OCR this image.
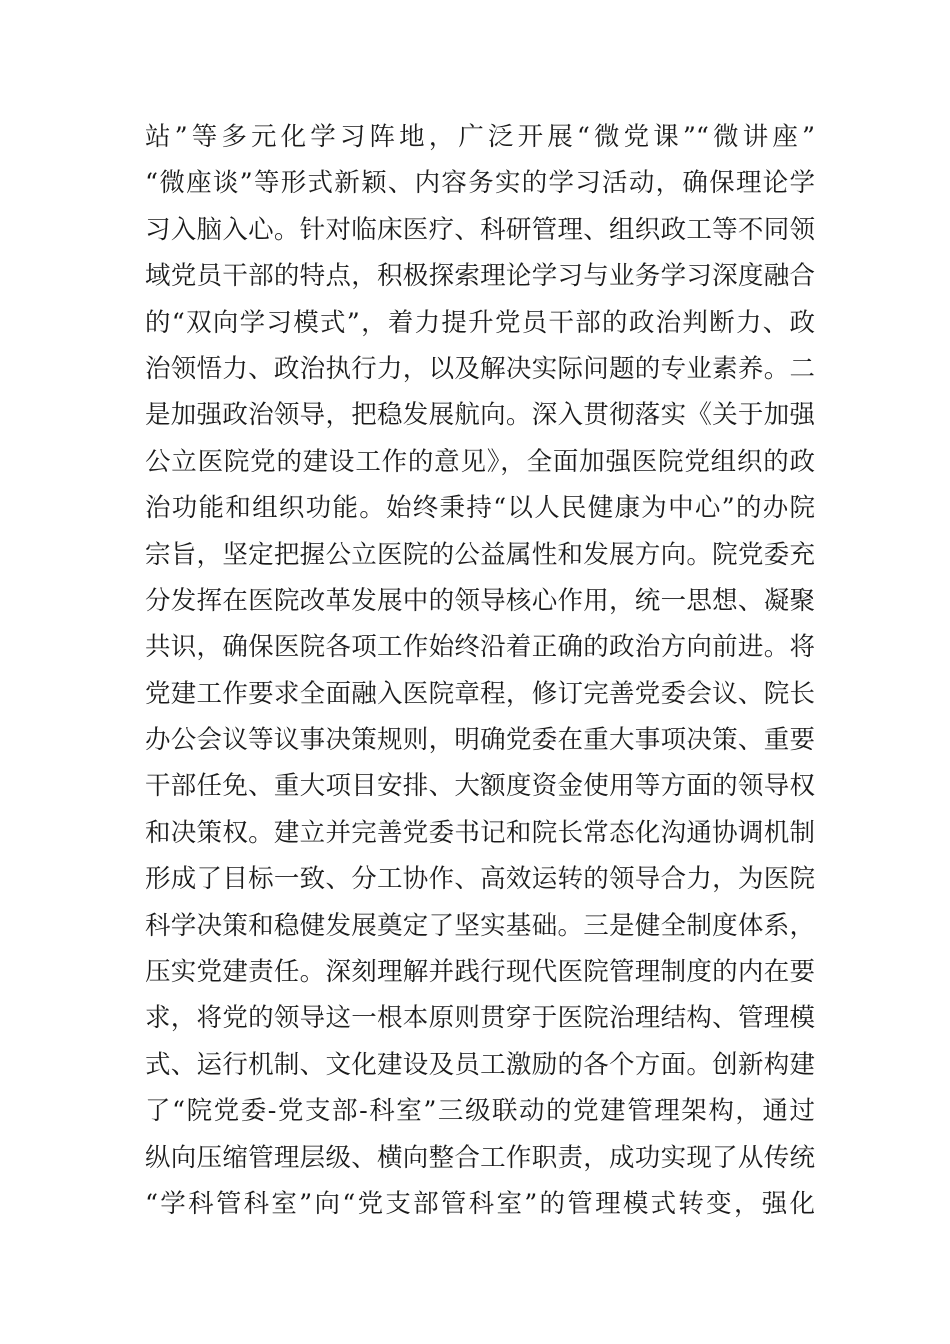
站”等多元化学习阵地，广泛开展“微党课”“微讲座”
“微座谈”等形式新颖、内容务实的学习活动，确保理论学
习入脑入心。针对临床医疗、科研管理、组织政工等不同领
域党员干部的特点，积极探索理论学习与业务学习深度融合
的“双向学习模式”，着力提升党员干部的政治判断力、政
治领悟力、政治执行力，以及解决实际问题的专业素养。二
是加强政治领导，把稳发展航向。深入贯彻落实《关于加强
公立医院党的建设工作的意见》，全面加强医院党组织的政
治功能和组织功能。始终秉持“以人民健康为中心”的办院
宗旨，坚定把握公立医院的公益属性和发展方向。院党委充
分发挥在医院改革发展中的领导核心作用，统一思想、凝聚
共识，确保医院各项工作始终沿着正确的政治方向前进。将
党建工作要求全面融入医院章程，修订完善党委会议、院长
办公会议等议事决策规则，明确党委在重大事项决策、重要
干部任免、重大项目安排、大额度资金使用等方面的领导权
和决策权。建立并完善党委书记和院长常态化沟通协调机制
形成了目标一致、分工协作、高效运转的领导合力，为医院
科学决策和稳健发展奠定了坚实基础。三是健全制度体系，
压实党建责任。深刻理解并践行现代医院管理制度的内在要
求，将党的领导这一根本原则贯穿于医院治理结构、管理模
式、运行机制、文化建设及员工激励的各个方面。创新构建
了“院党委-党支部-科室”三级联动的党建管理架构，通过
纵向压缩管理层级、横向整合工作职责，成功实现了从传统
“学科管科室”向“党支部管科室”的管理模式转变，强化
